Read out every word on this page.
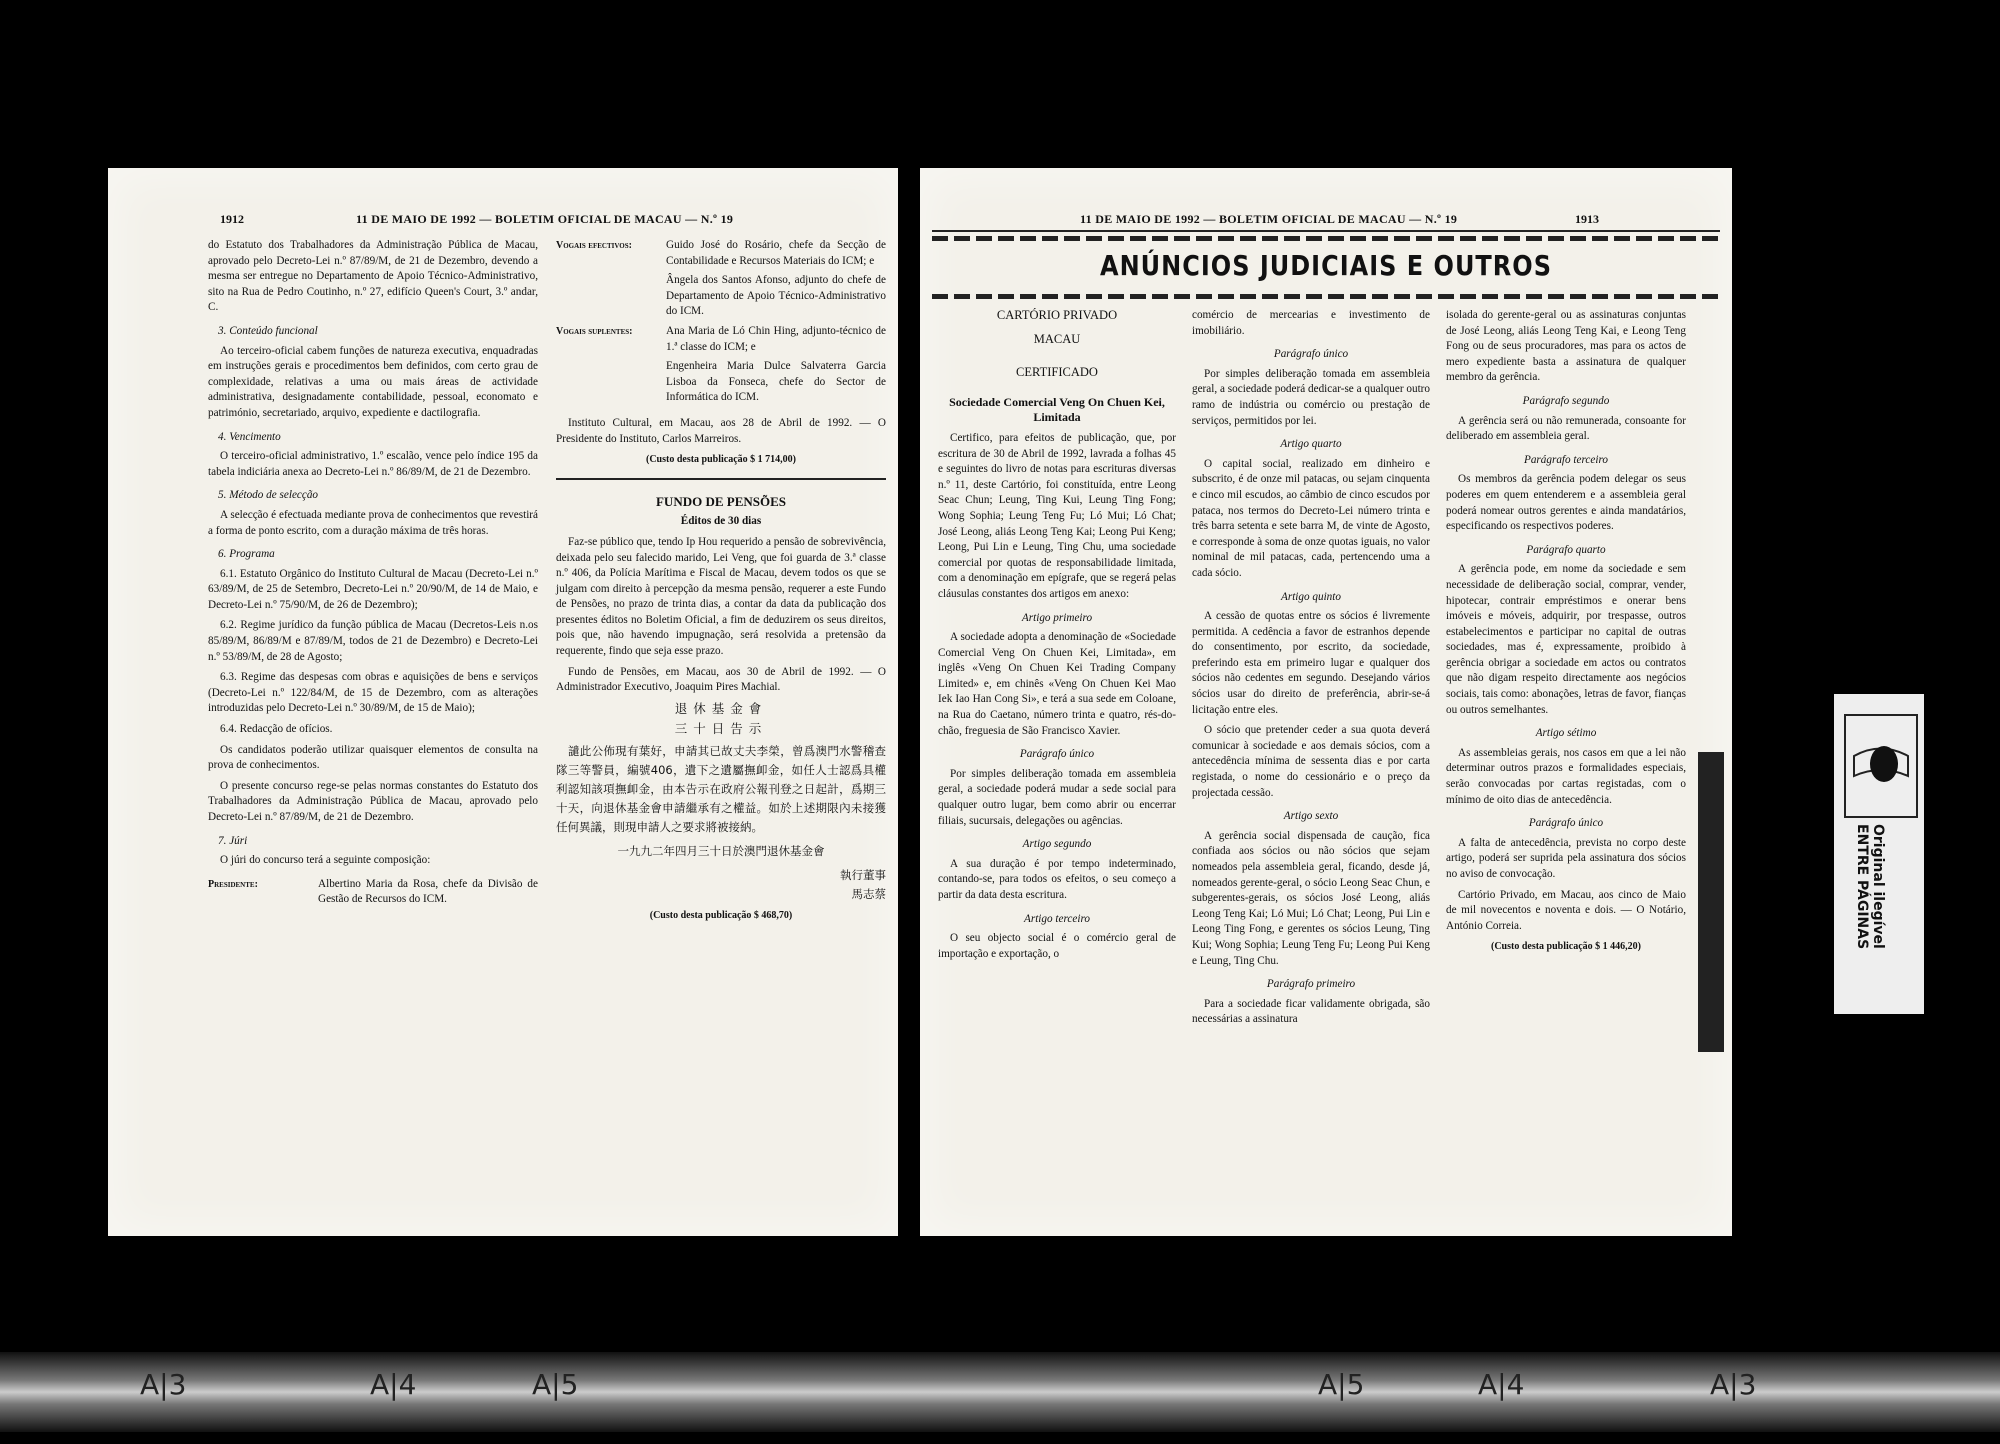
1912	11 DE MAIO DE 1992 — BOLETIM OFICIAL DE MACAU — N.º 19

do Estatuto dos Trabalhadores da Administração Pública de Macau, aprovado pelo Decreto-Lei n.º 87/89/M, de 21 de Dezembro, devendo a mesma ser entregue no Departamento de Apoio Técnico-Administrativo, sito na Rua de Pedro Coutinho, n.º 27, edifício Queen's Court, 3.º andar, C.

3. Conteúdo funcional

Ao terceiro-oficial cabem funções de natureza executiva, enquadradas em instruções gerais e procedimentos bem definidos, com certo grau de complexidade, relativas a uma ou mais áreas de actividade administrativa, designadamente contabilidade, pessoal, economato e património, secretariado, arquivo, expediente e dactilografia.

4. Vencimento

O terceiro-oficial administrativo, 1.º escalão, vence pelo índice 195 da tabela indiciária anexa ao Decreto-Lei n.º 86/89/M, de 21 de Dezembro.

5. Método de selecção

A selecção é efectuada mediante prova de conhecimentos que revestirá a forma de ponto escrito, com a duração máxima de três horas.

6. Programa

6.1. Estatuto Orgânico do Instituto Cultural de Macau (Decreto-Lei n.º 63/89/M, de 25 de Setembro, Decreto-Lei n.º 20/90/M, de 14 de Maio, e Decreto-Lei n.º 75/90/M, de 26 de Dezembro);

6.2. Regime jurídico da função pública de Macau (Decretos-Leis n.os 85/89/M, 86/89/M e 87/89/M, todos de 21 de Dezembro) e Decreto-Lei n.º 53/89/M, de 28 de Agosto;

6.3. Regime das despesas com obras e aquisições de bens e serviços (Decreto-Lei n.º 122/84/M, de 15 de Dezembro, com as alterações introduzidas pelo Decreto-Lei n.º 30/89/M, de 15 de Maio);

6.4. Redacção de ofícios.

Os candidatos poderão utilizar quaisquer elementos de consulta na prova de conhecimentos.

O presente concurso rege-se pelas normas constantes do Estatuto dos Trabalhadores da Administração Pública de Macau, aprovado pelo Decreto-Lei n.º 87/89/M, de 21 de Dezembro.

7. Júri

O júri do concurso terá a seguinte composição:

Presidente:	Albertino Maria da Rosa, chefe da Divisão de Gestão de Recursos do ICM.
Vogais efectivos:	Guido José do Rosário, chefe da Secção de Contabilidade e Recursos Materiais do ICM; e
Ângela dos Santos Afonso, adjunto do chefe de Departamento de Apoio Técnico-Administrativo do ICM.
Vogais suplentes:	Ana Maria de Ló Chin Hing, adjunto-técnico de 1.ª classe do ICM; e
Engenheira Maria Dulce Salvaterra Garcia Lisboa da Fonseca, chefe do Sector de Informática do ICM.

Instituto Cultural, em Macau, aos 28 de Abril de 1992. — O Presidente do Instituto, Carlos Marreiros.

(Custo desta publicação $ 1 714,00)

FUNDO DE PENSÕES

Éditos de 30 dias

Faz-se público que, tendo Ip Hou requerido a pensão de sobrevivência, deixada pelo seu falecido marido, Lei Veng, que foi guarda de 3.ª classe n.º 406, da Polícia Marítima e Fiscal de Macau, devem todos os que se julgam com direito à percepção da mesma pensão, requerer a este Fundo de Pensões, no prazo de trinta dias, a contar da data da publicação dos presentes éditos no Boletim Oficial, a fim de deduzirem os seus direitos, pois que, não havendo impugnação, será resolvida a pretensão da requerente, findo que seja esse prazo.

Fundo de Pensões, em Macau, aos 30 de Abril de 1992. — O Administrador Executivo, Joaquim Pires Machial.

退休基金會

三十日告示

譴此公佈現有葉好，申請其已故丈夫李榮，曾爲澳門水警稽查隊三等警員，編號406，遺下之遺屬撫卹金，如任人士認爲具權利認知該項撫卹金，由本告示在政府公報刊登之日起計，爲期三十天，向退休基金會申請繼承有之權益。如於上述期限內未接獲任何異議，則現申請人之要求將被接納。

一九九二年四月三十日於澳門退休基金會

執行董事

馬志蔡

(Custo desta publicação $ 468,70)

11 DE MAIO DE 1992 — BOLETIM OFICIAL DE MACAU — N.º 19	1913
ANÚNCIOS JUDICIAIS E OUTROS

CARTÓRIO PRIVADO

MACAU

CERTIFICADO

Sociedade Comercial Veng On Chuen Kei, Limitada

Certifico, para efeitos de publicação, que, por escritura de 30 de Abril de 1992, lavrada a folhas 45 e seguintes do livro de notas para escrituras diversas n.º 11, deste Cartório, foi constituída, entre Leong Seac Chun; Leung, Ting Kui, Leung Ting Fong; Wong Sophia; Leung Teng Fu; Ló Mui; Ló Chat; José Leong, aliás Leong Teng Kai; Leong Pui Keng; Leong, Pui Lin e Leung, Ting Chu, uma sociedade comercial por quotas de responsabilidade limitada, com a denominação em epígrafe, que se regerá pelas cláusulas constantes dos artigos em anexo:

Artigo primeiro

A sociedade adopta a denominação de «Sociedade Comercial Veng On Chuen Kei, Limitada», em inglês «Veng On Chuen Kei Trading Company Limited» e, em chinês «Veng On Chuen Kei Mao Iek Iao Han Cong Si», e terá a sua sede em Coloane, na Rua do Caetano, número trinta e quatro, rés-do-chão, freguesia de São Francisco Xavier.

Parágrafo único

Por simples deliberação tomada em assembleia geral, a sociedade poderá mudar a sede social para qualquer outro lugar, bem como abrir ou encerrar filiais, sucursais, delegações ou agências.

Artigo segundo

A sua duração é por tempo indeterminado, contando-se, para todos os efeitos, o seu começo a partir da data desta escritura.

Artigo terceiro

O seu objecto social é o comércio geral de importação e exportação, o

comércio de mercearias e investimento de imobiliário.

Parágrafo único

Por simples deliberação tomada em assembleia geral, a sociedade poderá dedicar-se a qualquer outro ramo de indústria ou comércio ou prestação de serviços, permitidos por lei.

Artigo quarto

O capital social, realizado em dinheiro e subscrito, é de onze mil patacas, ou sejam cinquenta e cinco mil escudos, ao câmbio de cinco escudos por pataca, nos termos do Decreto-Lei número trinta e três barra setenta e sete barra M, de vinte de Agosto, e corresponde à soma de onze quotas iguais, no valor nominal de mil patacas, cada, pertencendo uma a cada sócio.

Artigo quinto

A cessão de quotas entre os sócios é livremente permitida. A cedência a favor de estranhos depende do consentimento, por escrito, da sociedade, preferindo esta em primeiro lugar e qualquer dos sócios não cedentes em segundo. Desejando vários sócios usar do direito de preferência, abrir-se-á licitação entre eles.

O sócio que pretender ceder a sua quota deverá comunicar à sociedade e aos demais sócios, com a antecedência mínima de sessenta dias e por carta registada, o nome do cessionário e o preço da projectada cessão.

Artigo sexto

A gerência social dispensada de caução, fica confiada aos sócios ou não sócios que sejam nomeados pela assembleia geral, ficando, desde já, nomeados gerente-geral, o sócio Leong Seac Chun, e subgerentes-gerais, os sócios José Leong, aliás Leong Teng Kai; Ló Mui; Ló Chat; Leong, Pui Lin e Leong Ting Fong, e gerentes os sócios Leung, Ting Kui; Wong Sophia; Leung Teng Fu; Leong Pui Keng e Leung, Ting Chu.

Parágrafo primeiro

Para a sociedade ficar validamente obrigada, são necessárias a assinatura

isolada do gerente-geral ou as assinaturas conjuntas de José Leong, aliás Leong Teng Kai, e Leong Teng Fong ou de seus procuradores, mas para os actos de mero expediente basta a assinatura de qualquer membro da gerência.

Parágrafo segundo

A gerência será ou não remunerada, consoante for deliberado em assembleia geral.

Parágrafo terceiro

Os membros da gerência podem delegar os seus poderes em quem entenderem e a assembleia geral poderá nomear outros gerentes e ainda mandatários, especificando os respectivos poderes.

Parágrafo quarto

A gerência pode, em nome da sociedade e sem necessidade de deliberação social, comprar, vender, hipotecar, contrair empréstimos e onerar bens imóveis e móveis, adquirir, por trespasse, outros estabelecimentos e participar no capital de outras sociedades, mas é, expressamente, proibido à gerência obrigar a sociedade em actos ou contratos que não digam respeito directamente aos negócios sociais, tais como: abonações, letras de favor, fianças ou outros semelhantes.

Artigo sétimo

As assembleias gerais, nos casos em que a lei não determinar outros prazos e formalidades especiais, serão convocadas por cartas registadas, com o mínimo de oito dias de antecedência.

Parágrafo único

A falta de antecedência, prevista no corpo deste artigo, poderá ser suprida pela assinatura dos sócios no aviso de convocação.

Cartório Privado, em Macau, aos cinco de Maio de mil novecentos e noventa e dois. — O Notário, António Correia.

(Custo desta publicação $ 1 446,20)	Original ilegível
ENTRE PÁGINAS
A|3	A|4	A|5	A|5	A|4	A|3
